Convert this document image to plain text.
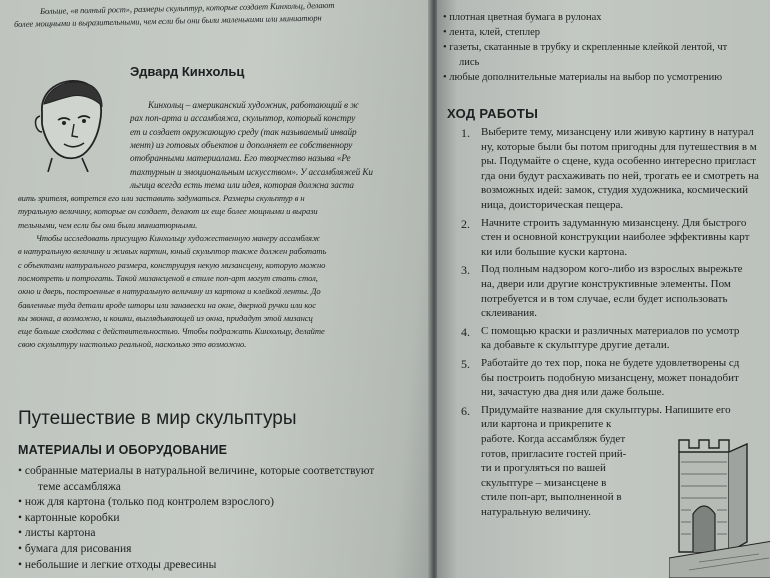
Больше, «в полный рост», размеры скульптур, которые создает Кинхольц, делают
более мощными и выразительными, чем если бы они были маленькими или миниатюрн
Эдвард Кинхольц
Кинхольц – американский художник, работающий в ж
рах поп-арта и ассамбляжа, скульптор, который констру
ет и создает окружающую среду (так называемый инвайр
мент) из готовых объектов и дополняет ее собственнору
отобранными материалами. Его творчество называ «Ре
тахтурнын и эмоциональным искусством». У ассамбляжей Ки
льгица всегда есть тема или идея, которая должна заста
вить зрителя, вотрется его или заставить задуматься. Размеры скульптур в н
туральную величину, которые он создает, делают их еще более мощными и вырази
тельными, чем если бы они были миниатюрными.
Чтобы исследовать присущую Кинхольцу художественную манеру ассамбляж
в натуральную величину и живых картин, юный скульптор также должен работать
с объектами натурального размера, конструируя некую мизансцену, которую можно
посмотреть и потрогать. Такой мизансценой в стиле поп-арт могут стать стол,
окно и дверь, построенные в натуральную величину из картона и клейкой ленты. До
бавленные туда детали вроде шторы или занавески на окне, дверной ручки или кос
кы звонка, а возможно, и кошки, выглядывающей из окна, придадут этой мизансц
еще больше сходства с действительностью. Чтобы подражать Кинхольцу, делайте
свою скульптуру настолько реальной, насколько это возможно.
Путешествие в мир скульптуры
МАТЕРИАЛЫ И ОБОРУДОВАНИЕ
• собранные материалы в натуральной величине, которые соответствуют
теме ассамбляжа
• нож для картона (только под контролем взрослого)
• картонные коробки
• листы картона
• бумага для рисования
• небольшие и легкие отходы древесины
• плотная цветная бумага в рулонах
• лента, клей, степлер
• газеты, скатанные в трубку и скрепленные клейкой лентой, чт
лись
• любые дополнительные материалы на выбор по усмотрению
ХОД РАБОТЫ
1. Выберите тему, мизансцену или живую картину в натурал
ну, которые были бы потом пригодны для путешествия в м
ры. Подумайте о сцене, куда особенно интересно пригласт
гда они будут расхаживать по ней, трогать ее и смотреть на
возможных идей: замок, студия художника, космический
ница, доисторическая пещера.
2. Начните строить задуманную мизансцену. Для быстрого
стен и основной конструкции наиболее эффективны карт
ки или большие куски картона.
3. Под полным надзором кого-либо из взрослых вырежьте
на, двери или другие конструктивные элементы. Пом
потребуется и в том случае, если будет использовать
склеивания.
4. С помощью краски и различных материалов по усмотр
ка добавьте к скульптуре другие детали.
5. Работайте до тех пор, пока не будете удовлетворены сд
бы построить подобную мизансцену, может понадобит
ни, зачастую два дня или даже больше.
6. Придумайте название для скульптуры. Напишите его
или картона и прикрепите к
работе. Когда ассамбляж будет
готов, пригласите гостей прий-
ти и прогуляться по вашей
скульптуре – мизансцене в
стиле поп-арт, выполненной в
натуральную величину.
